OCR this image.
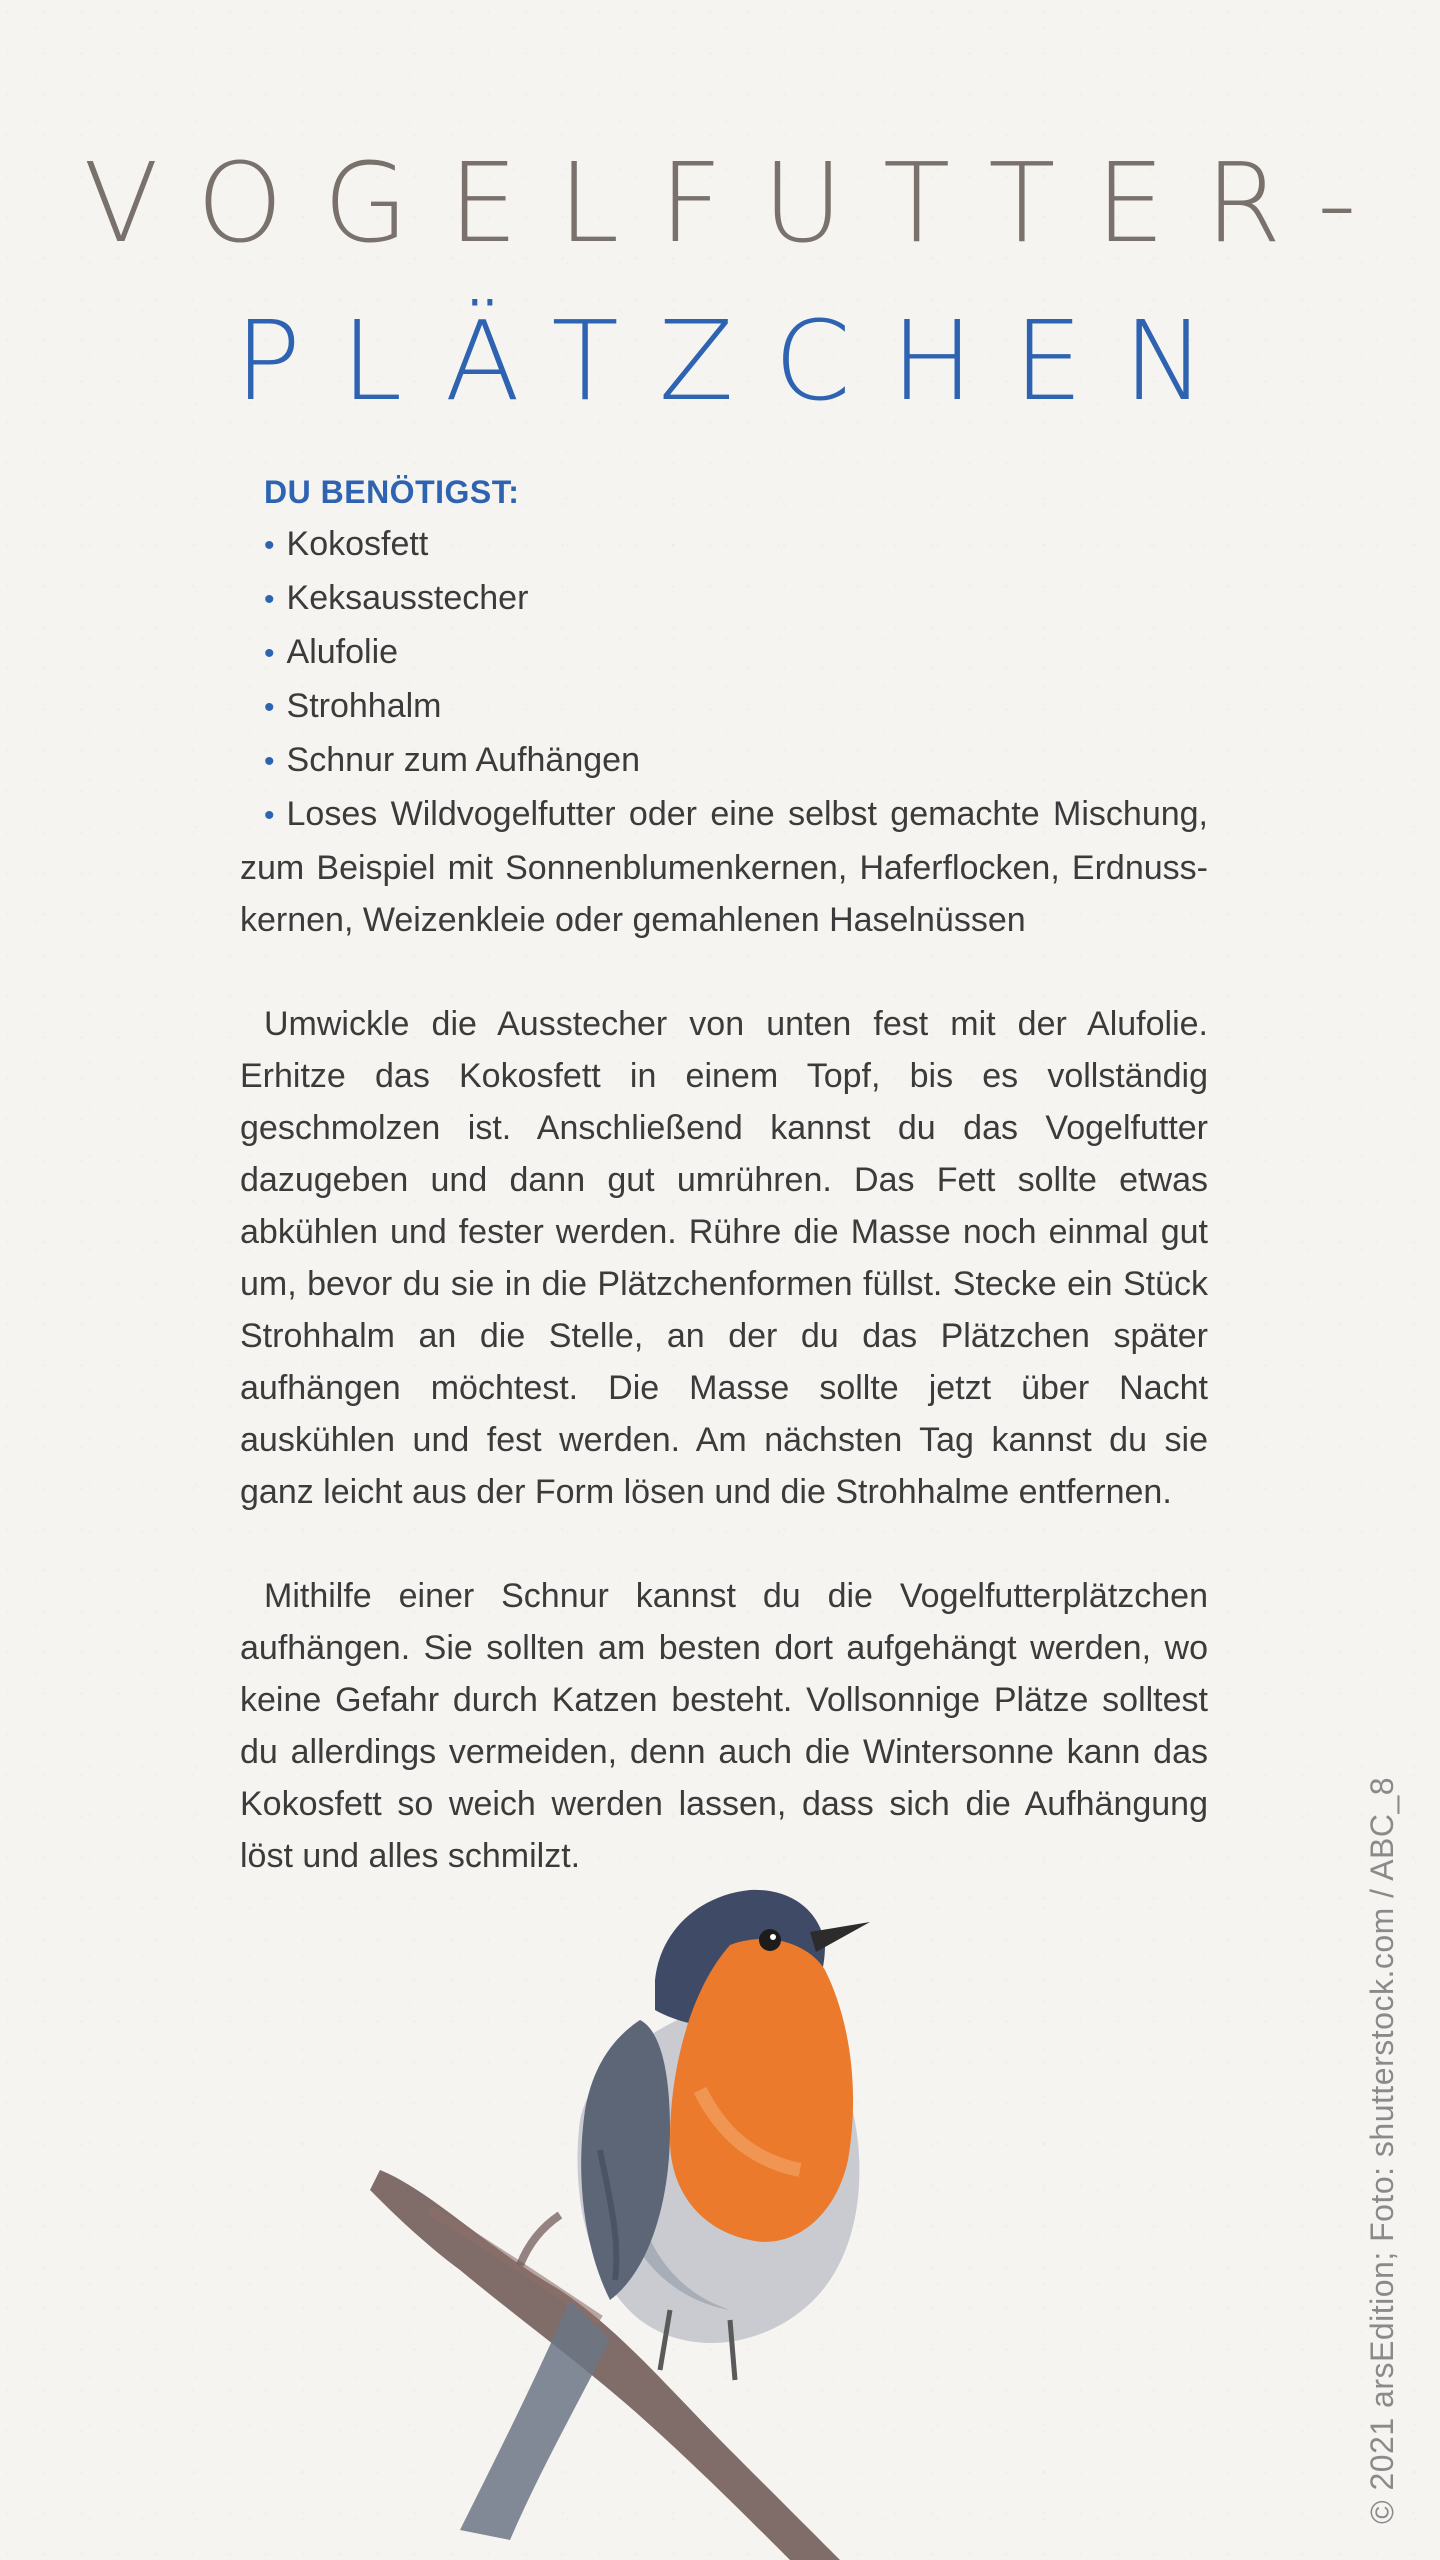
VOGELFUTTER-
PLÄTZCHEN
DU BENÖTIGST:
• Kokosfett
• Keksausstecher
• Alufolie
• Strohhalm
• Schnur zum Aufhängen
• Loses Wildvogelfutter oder eine selbst gemachte Mischung, zum Beispiel mit Sonnenblumenkernen, Haferflocken, Erdnusskernen, Weizenkleie oder gemahlenen Haselnüssen

Umwickle die Ausstecher von unten fest mit der Alufolie. Erhitze das Kokosfett in einem Topf, bis es vollständig geschmolzen ist. Anschließend kannst du das Vogelfutter dazugeben und dann gut umrühren. Das Fett sollte etwas abkühlen und fester werden. Rühre die Masse noch einmal gut um, bevor du sie in die Plätzchenformen füllst. Stecke ein Stück Strohhalm an die Stelle, an der du das Plätzchen später aufhängen möchtest. Die Masse sollte jetzt über Nacht auskühlen und fest werden. Am nächsten Tag kannst du sie ganz leicht aus der Form lösen und die Strohhalme entfernen.

Mithilfe einer Schnur kannst du die Vogelfutterplätzchen aufhängen. Sie sollten am besten dort aufgehängt werden, wo keine Gefahr durch Katzen besteht. Vollsonnige Plätze solltest du allerdings vermeiden, denn auch die Wintersonne kann das Kokosfett so weich werden lassen, dass sich die Aufhängung löst und alles schmilzt.	© 2021 arsEdition; Foto: shutterstock.com / ABC_8
